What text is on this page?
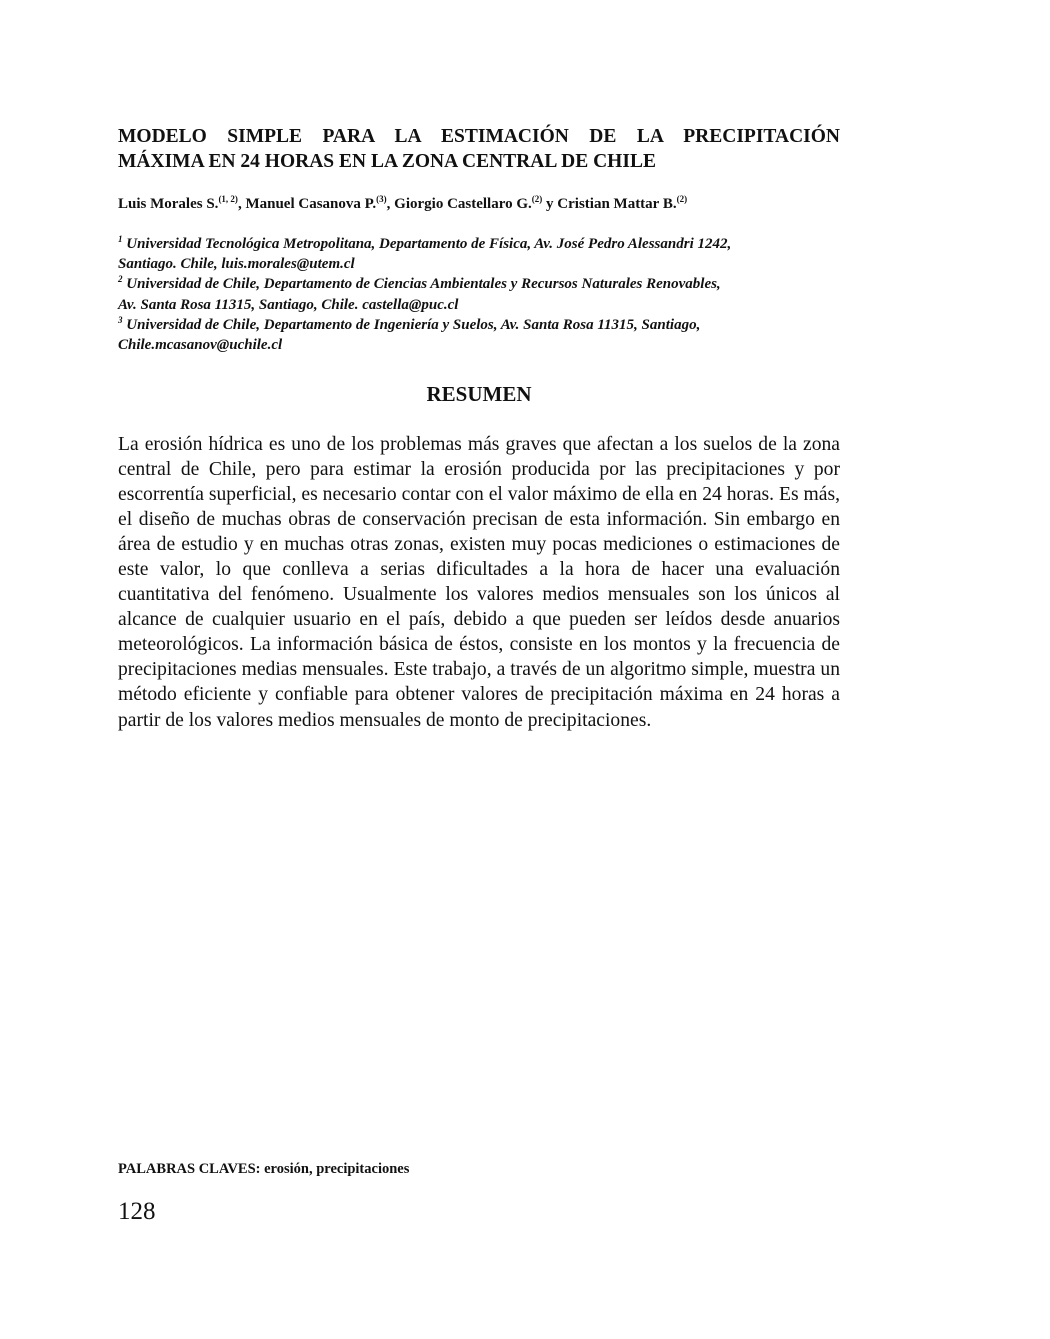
MODELO SIMPLE PARA LA ESTIMACIÓN DE LA PRECIPITACIÓN
MÁXIMA EN 24 HORAS EN LA ZONA CENTRAL DE CHILE
Luis Morales S.$^{(1, 2)}$, Manuel Casanova P.$^{(3)}$, Giorgio Castellaro G.$^{(2)}$ y Cristian Mattar B.$^{(2)}$
$^1$ Universidad Tecnológica Metropolitana, Departamento de Física, Av. José Pedro Alessandri 1242,
Santiago. Chile, luis.morales@utem.cl
$^2$ Universidad de Chile, Departamento de Ciencias Ambientales y Recursos Naturales Renovables,
Av. Santa Rosa 11315, Santiago, Chile. castella@puc.cl
$^3$ Universidad de Chile, Departamento de Ingeniería y Suelos, Av. Santa Rosa 11315, Santiago,
Chile.mcasanov@uchile.cl
RESUMEN

La erosión hídrica es uno de los problemas más graves que afectan a los suelos de la zona central de Chile, pero para estimar la erosión producida por las precipitaciones y por escorrentía superficial, es necesario contar con el valor máximo de ella en 24 horas. Es más, el diseño de muchas obras de conservación precisan de esta información. Sin embargo en área de estudio y en muchas otras zonas, existen muy pocas mediciones o estimaciones de este valor, lo que conlleva a serias dificultades a la hora de hacer una evaluación cuantitativa del fenómeno. Usualmente los valores medios mensuales son los únicos al alcance de cualquier usuario en el país, debido a que pueden ser leídos desde anuarios meteorológicos. La información básica de éstos, consiste en los montos y la frecuencia de precipitaciones medias mensuales. Este trabajo, a través de un algoritmo simple, muestra un método eficiente y confiable para obtener valores de precipitación máxima en 24 horas a partir de los valores medios mensuales de monto de precipitaciones.

PALABRAS CLAVES: erosión, precipitaciones
128
